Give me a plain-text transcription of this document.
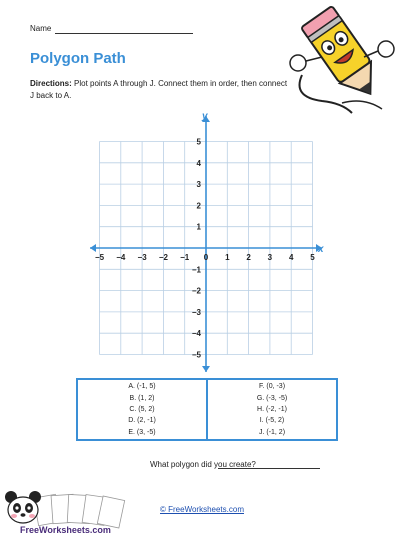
Name
Polygon Path
Directions: Plot points A through J. Connect them in order, then connect J back to A.
−5 −4 −3 −2 −1 0 1 2 3 4 5
5
4
3
2
1
−1
−2
−3
−4
−5
x
y
A. (-1, 5)
B. (1, 2)
C. (5, 2)
D. (2, -1)
E. (3, -5)
F. (0, -3)
G. (-3, -5)
H. (-2, -1)
I. (-5, 2)
J. (-1, 2)
What polygon did you create?
FreeWorksheets.com
© FreeWorksheets.com
